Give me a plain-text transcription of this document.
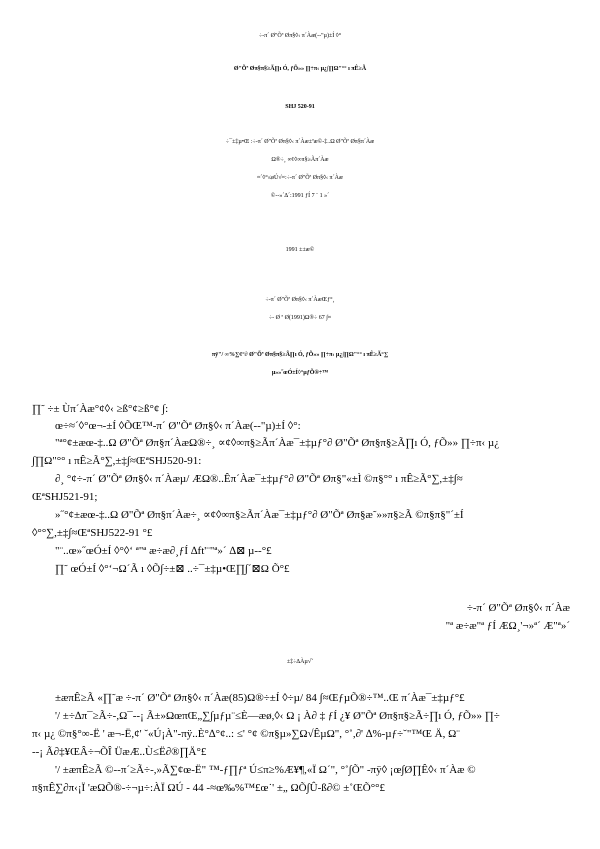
÷-π´ Ø"Õª Øπ§◊‹ π´Àæ(--"µ)±Í ◊°
Ø"Õª Øπ§π§≥Ã∏ı Ó, ƒÕ»» ∏÷π‹ µ¿∫∏Ω"°° ı πÊ≥Ã
SHJ 520-91
÷¯±‡µ•Œ :÷-π´ Ø"Õª Øπ§◊‹ π´Àæ±ªæ©-‡..Ω Ø"Õª Øπ§π´Àæ
Ω®÷¸ ∝¢◊∞π§≥Ãπ´Àæ
≈´◊°≤øÚ√≈:÷-π´ Ø"Õª Øπ§◊‹ π´Àæ
©--»´∆´:1991 ƒÍ 7 ¨ 1 »´
1991 ±±æ©
÷-π´ Ø"Õª Øπ§◊‹ π´ÀæŒƒ°¸
÷- Ø ª Ø(1991)Ω®÷ 67 ∫≈
πÿ"/ ∞%∑¢°∂ Ø"Õª Øπ§π§≥Ã∏ı Ó, ƒÕ»» ∏÷π‹ µ¿∫∏Ω"°° ı πÊ≥Ã°∑
µ»»˝œÓ±Í◊°µƒÕ®÷™
∏˜ ÷± Ùπ´Àæ°¢◊‹ ≥ß°¢≥ß°¢ ∫:
œ÷≈´◊°œ¬-±Í ◊ÕŒ™-π´ Ø"Õª Øπ§◊‹ π´Àæ(--"µ)±Í ◊°:
"ª°¢±æœ-‡..Ω Ø"Õª Øπ§π´ÀæΩ®÷¸ ∝¢◊∞π§≥Ãπ´Àæ¯±‡µƒ°∂ Ø"Õª Øπ§π§≥Ã∏ı Ó, ƒÕ»» ∏÷π‹ µ¿
∫∏Ω"°° ı πÊ≥Ã°∑,±‡∫≈ŒªSHJ520-91:
∂¸ °¢÷-π´ Ø"Õª Øπ§◊‹ π´Àæµ/ ÆΩ®..Êπ´Àæ¯±‡µƒ°∂ Ø"Õª Øπ§"«±Ì ©π§°° ı πÊ≥Ã°∑,±‡∫≈
ŒªSHJ521-91;
»˝°¢±æœ-‡..Ω Ø"Õª Øπ§π´Àæ÷¸ ∝¢◊∞π§≥Ãπ´Àæ¯±‡µƒ°∂ Ø"Õª Øπ§æ˜»»π§≥Ã ©π§π§"´±Í
◊°°∑,±‡∫≈ŒªSHJ522-91 °£
"¨..œ»˝œÓ±Í ◊°◊‘ ª"ª æ÷æ∂¸ƒÍ ∆ft'¨"ª»´ ∆⊠ µ--°£
∏˜ œÓ±Í ◊°‘¬Ω´Ã ı ◊Õ∫÷±⊠ ..÷¯±‡µ•Œ∏∫´⊠Ω Õ°£
÷-π´ Ø"Õª Øπ§◊‹ π´Àæ
"ª æ÷æ"ª ƒÍ ÆΩ¸'¬»ª´ Æ"ª»´
±‡÷∆Àµ√˜
±æπÊ≥Ã «∏˜æ ÷-π´ Ø"Õª Øπ§◊‹ π´Àæ(85)Ω®÷±Í ◊÷µ/ 84 ∫≈ŒƒµÕ®÷™..Œ π´Àæ¯±‡µƒ°£
'/ ±÷∆π¯≥Ã÷-,Ω¯--¡ Ã±»ΩœπŒ„∑∫µƒµ¨≤È—æø,◊‹ Ω ¡ À∂ ‡ ƒÍ ¿¥ Ø"Õª Øπ§π§≥Ã÷∏ı Ó, ƒÕ»» ∏÷
π‹ µ¿ ©π§°∞-Ë ' æ¬-Ë,¢' ˘«Ú¡À"-πÿ..È°∆°¢..: ≤' °¢ ©π§µ»∑Ω√ÊµΩ", °˚,∂' ∆%-µƒ÷˘"™Œ Ä, Ω¨
--¡ Ã∂‡¥ŒÂ÷¬ÕÎ ÜæÆ..Ù≤Ë∂®∏Ä°£
'/ ±æπÊ≥Ã ©--π´≥Ã÷-,»Ã∑¢œ-Ë" ™-ƒ∏ƒª Ú≤π≥%Æ¥¶,«Ï Ω´", °˚∫Õ" -πÿ◊ ¡œ∫Ø∏Ê◊‹ π´Àæ ©
π§πÊ∑∂π‹¡Ï 'æΩÕ®-÷¬µ÷:ÀÏ ΩÚ - 44 -≈œ‰%™£œ˙' ±„ ΩÕ∫Û-ß∂© ±˚ŒÕ°°£
